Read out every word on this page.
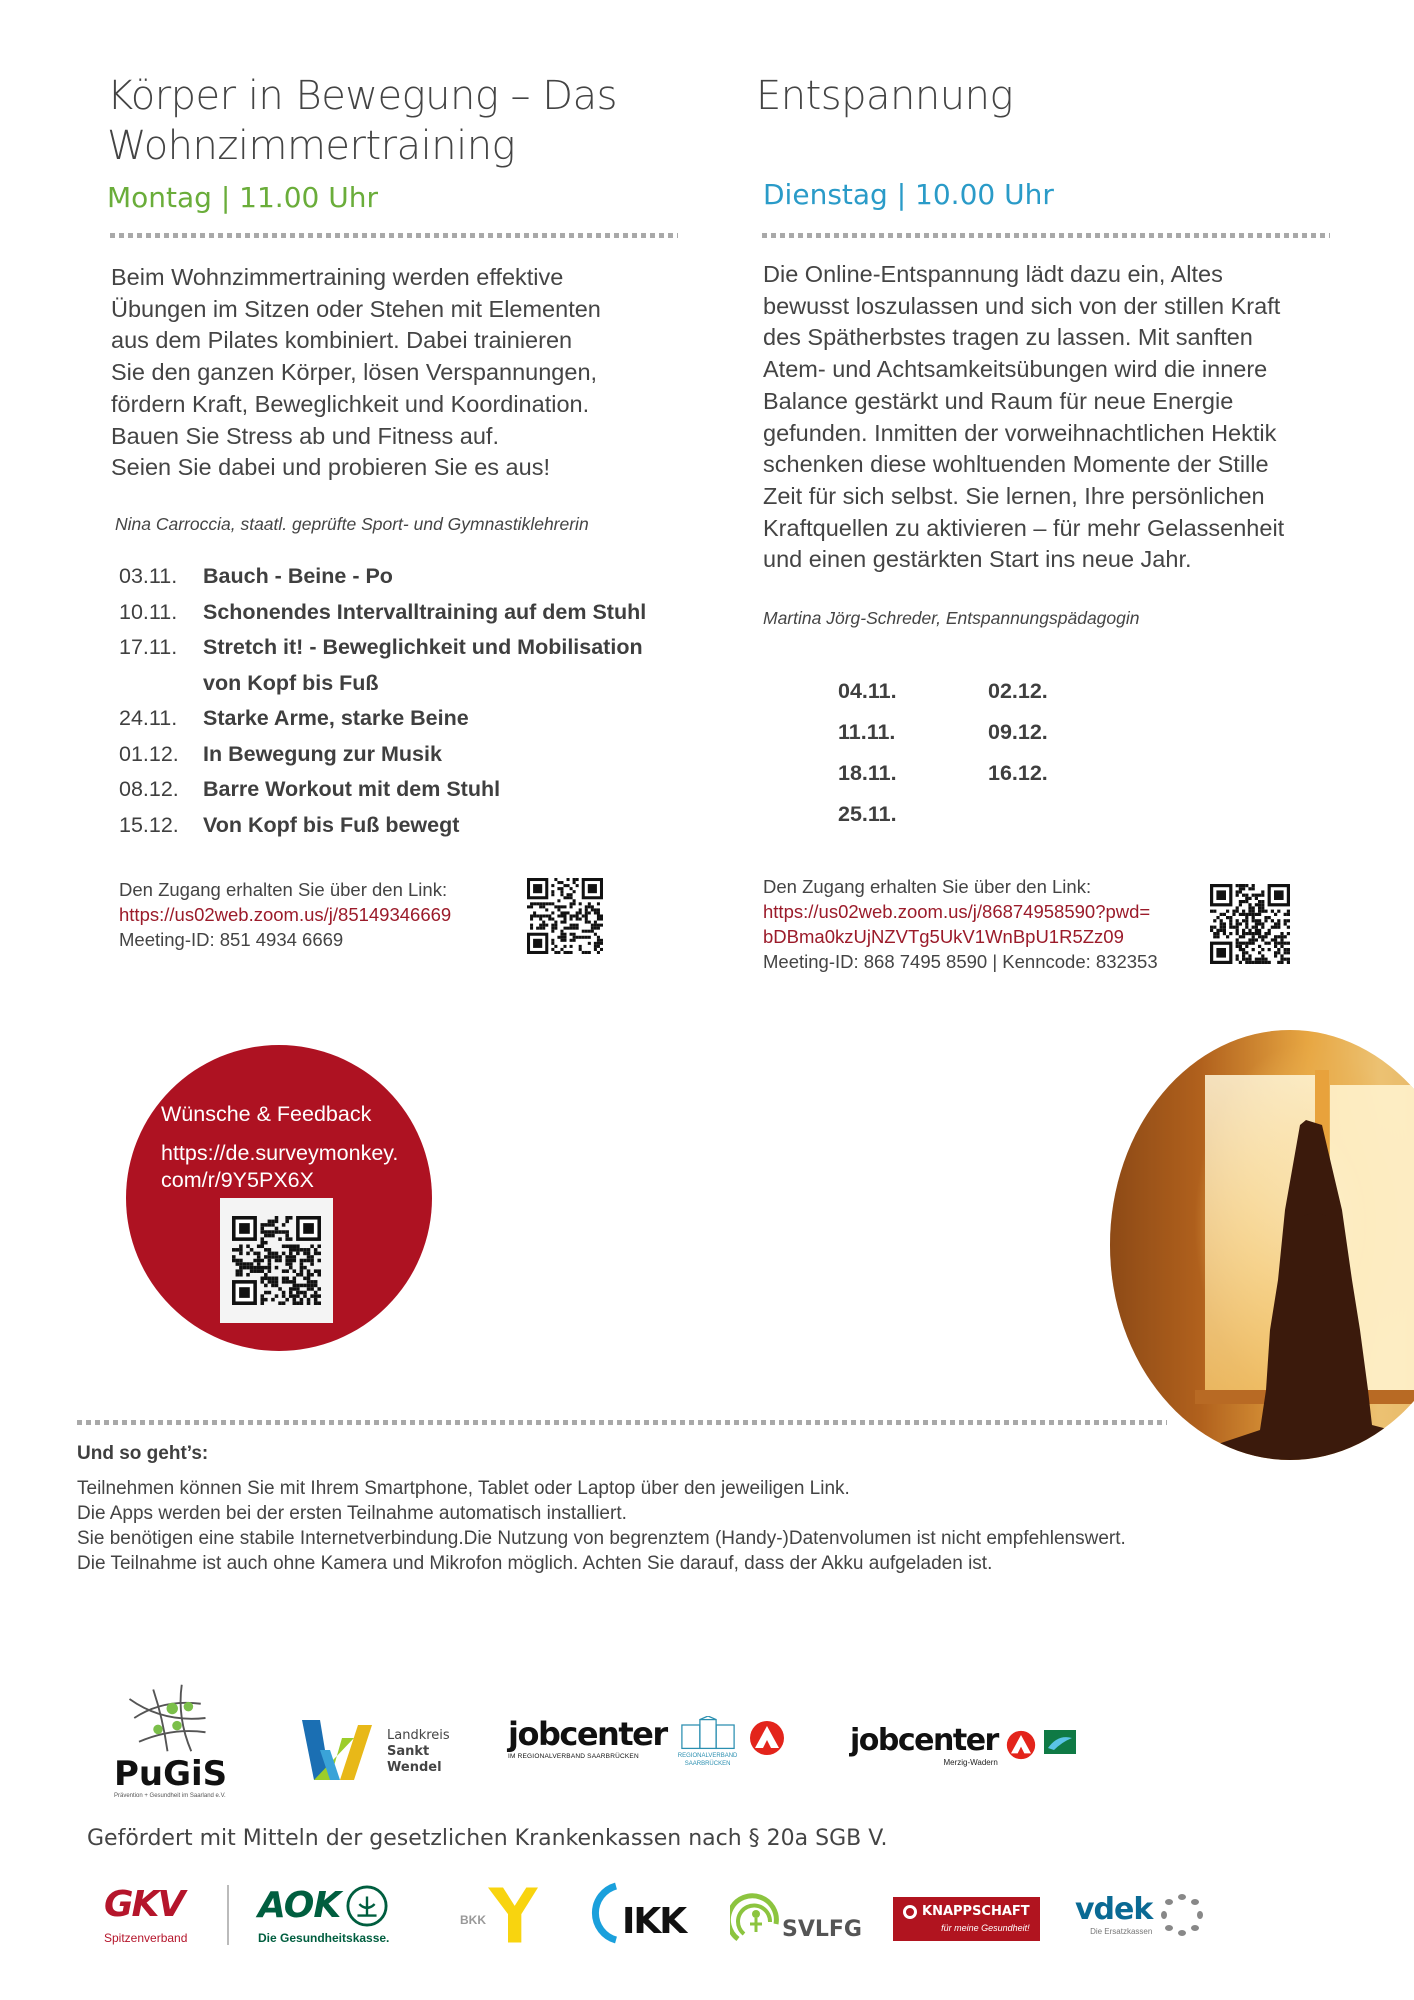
Körper in Bewegung – Das
Wohnzimmertraining
Montag | 11.00 Uhr
Beim Wohnzimmertraining werden effektive
Übungen im Sitzen oder Stehen mit Elementen
aus dem Pilates kombiniert. Dabei trainieren
Sie den ganzen Körper, lösen Verspannungen,
fördern Kraft, Beweglichkeit und Koordination.
Bauen Sie Stress ab und Fitness auf.
Seien Sie dabei und probieren Sie es aus!
Nina Carroccia, staatl. geprüfte Sport- und Gymnastiklehrerin
03.11.	Bauch - Beine - Po
10.11.	Schonendes Intervalltraining auf dem Stuhl
17.11.	Stretch it! - Beweglichkeit und Mobilisation
von Kopf bis Fuß
24.11.	Starke Arme, starke Beine
01.12.	In Bewegung zur Musik
08.12.	Barre Workout mit dem Stuhl
15.12.	Von Kopf bis Fuß bewegt
Den Zugang erhalten Sie über den Link:
https://us02web.zoom.us/j/85149346669
Meeting-ID: 851 4934 6669
Entspannung
Dienstag | 10.00 Uhr
Die Online-Entspannung lädt dazu ein, Altes
bewusst loszulassen und sich von der stillen Kraft
des Spätherbstes tragen zu lassen. Mit sanften
Atem- und Achtsamkeitsübungen wird die innere
Balance gestärkt und Raum für neue Energie
gefunden. Inmitten der vorweihnachtlichen Hektik
schenken diese wohltuenden Momente der Stille
Zeit für sich selbst. Sie lernen, Ihre persönlichen
Kraftquellen zu aktivieren – für mehr Gelassenheit
und einen gestärkten Start ins neue Jahr.
Martina Jörg-Schreder, Entspannungspädagogin
04.11.	02.12.
11.11.	09.12.
18.11.	16.12.
25.11.
Den Zugang erhalten Sie über den Link:
https://us02web.zoom.us/j/86874958590?pwd=
bDBma0kzUjNZVTg5UkV1WnBpU1R5Zz09
Meeting-ID: 868 7495 8590 | Kenncode: 832353
Wünsche & Feedback
https://de.surveymonkey.
com/r/9Y5PX6X
Und so geht’s:
Teilnehmen können Sie mit Ihrem Smartphone, Tablet oder Laptop über den jeweiligen Link.
Die Apps werden bei der ersten Teilnahme automatisch installiert.
Sie benötigen eine stabile Internetverbindung.Die Nutzung von begrenztem (Handy-)Datenvolumen ist nicht empfehlenswert.
Die Teilnahme ist auch ohne Kamera und Mikrofon möglich. Achten Sie darauf, dass der Akku aufgeladen ist.
PuGiS
Prävention + Gesundheit im Saarland e.V.
Landkreis
Sankt
Wendel
jobcenter
IM REGIONALVERBAND SAARBRÜCKEN	REGIONALVERBAND
SAARBRÜCKEN
jobcenter
Merzig-Wadern
Gefördert mit Mitteln der gesetzlichen Krankenkassen nach § 20a SGB V.
GKV
Spitzenverband
AOK
Die Gesundheitskasse.
BKK	IKK	SVLFG
KNAPPSCHAFT
für meine Gesundheit!
vdek
Die Ersatzkassen
